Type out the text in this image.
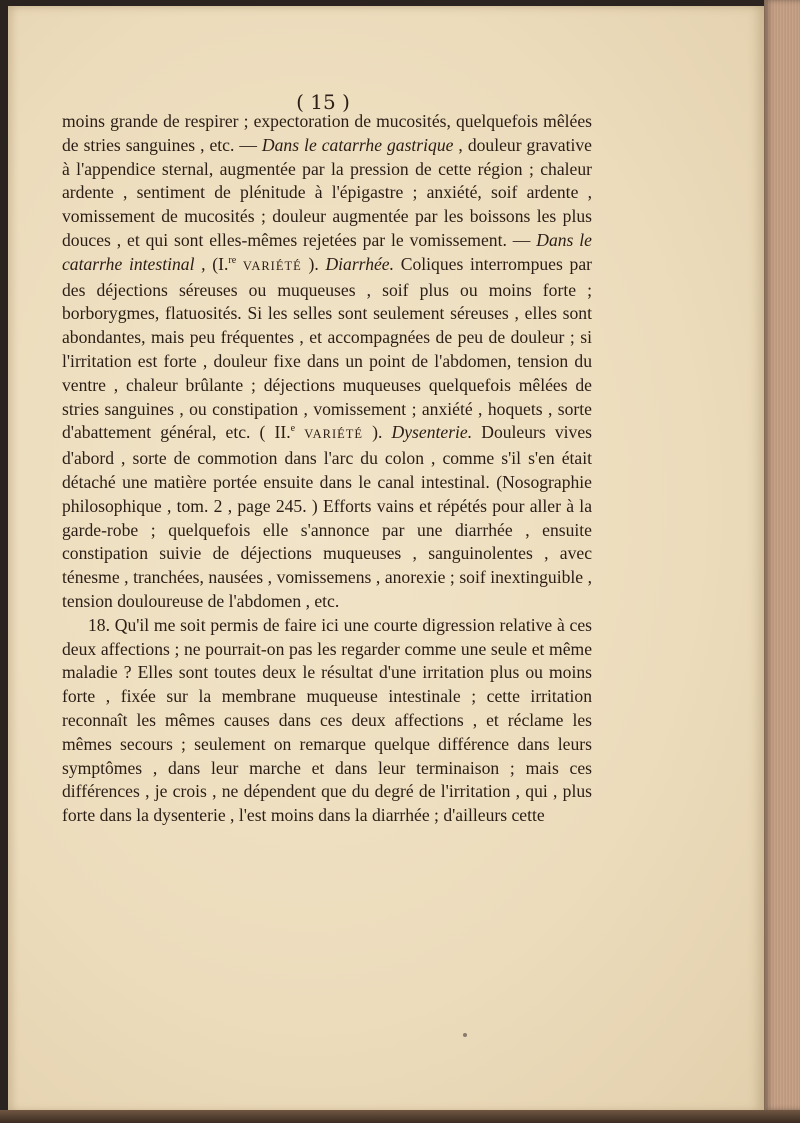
( 15 )

moins grande de respirer ; expectoration de mucosités, quelquefois mêlées de stries sanguines , etc. — Dans le catarrhe gastrique , douleur gravative à l'appendice sternal, augmentée par la pression de cette région ; chaleur ardente , sentiment de plénitude à l'épigastre ; anxiété, soif ardente , vomissement de mucosités ; douleur augmentée par les boissons les plus douces , et qui sont elles-mêmes rejetées par le vomissement. — Dans le catarrhe intestinal , (I.$^{re}$ VARIÉTÉ ). Diarrhée. Coliques interrompues par des déjections séreuses ou muqueuses , soif plus ou moins forte ; borborygmes, flatuosités. Si les selles sont seulement séreuses , elles sont abondantes, mais peu fréquentes , et accompagnées de peu de douleur ; si l'irritation est forte , douleur fixe dans un point de l'abdomen, tension du ventre , chaleur brûlante ; déjections muqueuses quelquefois mêlées de stries sanguines , ou constipation , vomissement ; anxiété , hoquets , sorte d'abattement général, etc. ( II.$^e$ VARIÉTÉ ). Dysenterie. Douleurs vives d'abord , sorte de commotion dans l'arc du colon , comme s'il s'en était détaché une matière portée ensuite dans le canal intestinal. (Nosographie philosophique , tom. 2 , page 245. ) Efforts vains et répétés pour aller à la garde-robe ; quelquefois elle s'annonce par une diarrhée , ensuite constipation suivie de déjections muqueuses , sanguinolentes , avec ténesme , tranchées, nausées , vomissemens , anorexie ; soif inextinguible , tension douloureuse de l'abdomen , etc.
18. Qu'il me soit permis de faire ici une courte digression relative à ces deux affections ; ne pourrait-on pas les regarder comme une seule et même maladie ? Elles sont toutes deux le résultat d'une irritation plus ou moins forte , fixée sur la membrane muqueuse intestinale ; cette irritation reconnaît les mêmes causes dans ces deux affections , et réclame les mêmes secours ; seulement on remarque quelque différence dans leurs symptômes , dans leur marche et dans leur terminaison ; mais ces différences , je crois , ne dépendent que du degré de l'irritation , qui , plus forte dans la dysenterie , l'est moins dans la diarrhée ; d'ailleurs cette
